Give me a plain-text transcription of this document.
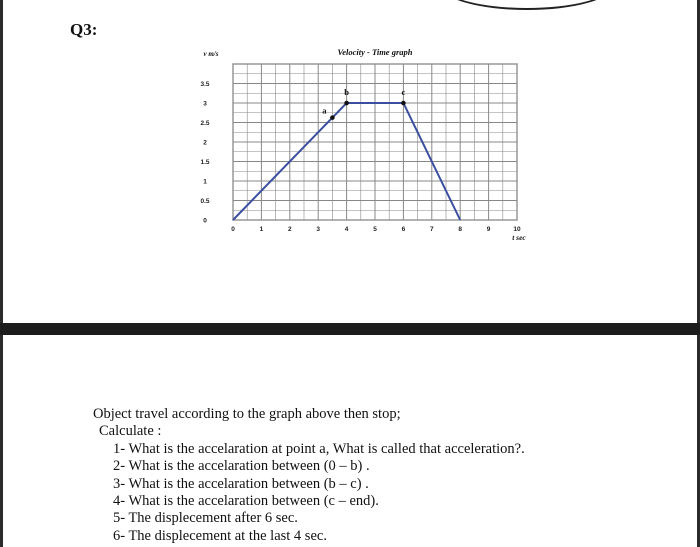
Q3:
0	1	2	3	4	5	6	7	8	9	10
0
0.5
1
1.5
2
2.5
3
3.5
Velocity - Time graph
v m/s
t sec
a
b	c
Object travel according to the graph above then stop;
Calculate :
1- What is the accelaration at point a, What is called that acceleration?.
2- What is the accelaration between (0 – b) .
3- What is the accelaration between (b – c) .
4- What is the accelaration between (c – end).
5- The displecement after 6 sec.
6- The displecement at the last 4 sec.
